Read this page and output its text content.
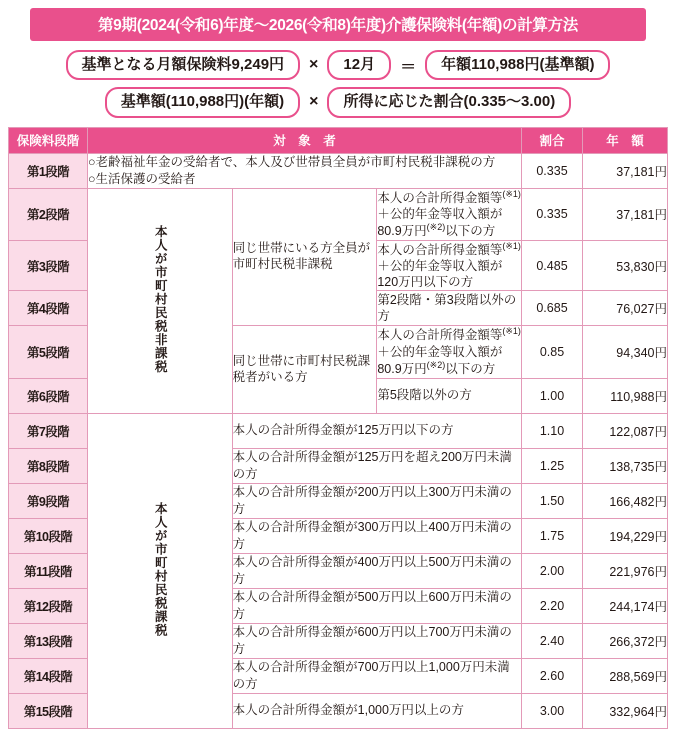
第9期(2024(令和6)年度〜2026(令和8)年度)介護保険料(年額)の計算方法
基準となる月額保険料9,249円	×	12月	＝	年額110,988円(基準額)
基準額(110,988円)(年額)	×	所得に応じた割合(0.335〜3.00)
保険料段階	対　象　者			割合	年　額
第1段階	○老齢福祉年金の受給者で、本人及び世帯員全員が市町村民税非課税の方
○生活保護の受給者			0.335	37,181円
第2段階	本人が市町村民税非課税	同じ世帯にいる方全員が市町村民税非課税	本人の合計所得金額等$^{(※1)}$
＋公的年金等収入額が80.9万円$^{(※2)}$以下の方	0.335	37,181円
第3段階			本人の合計所得金額等$^{(※1)}$
＋公的年金等収入額が120万円以下の方	0.485	53,830円
第4段階			第2段階・第3段階以外の方	0.685	76,027円
第5段階		同じ世帯に市町村民税課税者がいる方	本人の合計所得金額等$^{(※1)}$
＋公的年金等収入額が80.9万円$^{(※2)}$以下の方	0.85	94,340円
第6段階			第5段階以外の方	1.00	110,988円
第7段階	本人が市町村民税課税	本人の合計所得金額が125万円以下の方		1.10	122,087円
第8段階		本人の合計所得金額が125万円を超え200万円未満の方		1.25	138,735円
第9段階		本人の合計所得金額が200万円以上300万円未満の方		1.50	166,482円
第10段階		本人の合計所得金額が300万円以上400万円未満の方		1.75	194,229円
第11段階		本人の合計所得金額が400万円以上500万円未満の方		2.00	221,976円
第12段階		本人の合計所得金額が500万円以上600万円未満の方		2.20	244,174円
第13段階		本人の合計所得金額が600万円以上700万円未満の方		2.40	266,372円
第14段階		本人の合計所得金額が700万円以上1,000万円未満の方		2.60	288,569円
第15段階		本人の合計所得金額が1,000万円以上の方		3.00	332,964円
